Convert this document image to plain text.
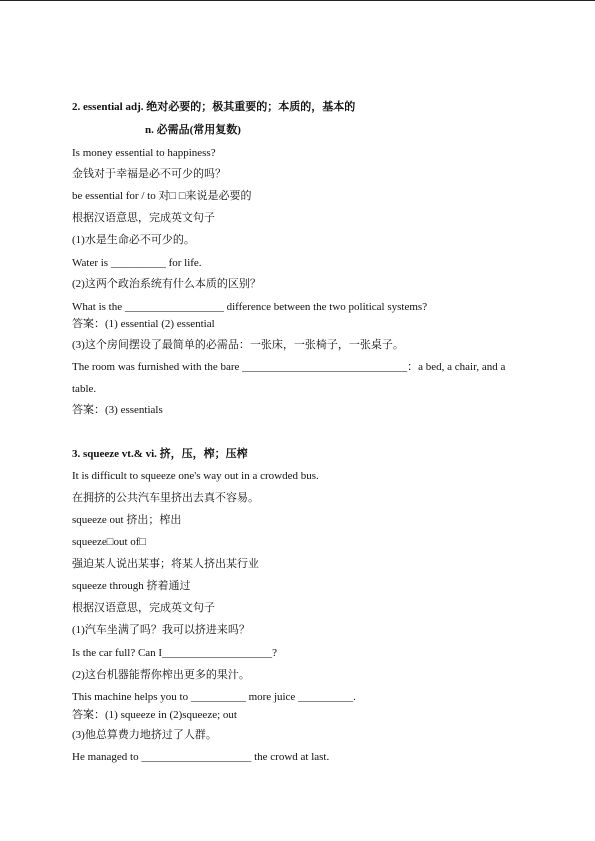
2. essential adj. 绝对必要的；极其重要的；本质的，基本的
n. 必需品(常用复数)
Is money essential to happiness?
金钱对于幸福是必不可少的吗？
be essential for / to 对□ □来说是必要的
根据汉语意思，完成英文句子
(1)水是生命必不可少的。
Water is __________ for life.
(2)这两个政治系统有什么本质的区别？
What is the __________________ difference between the two political systems?
答案：(1) essential (2) essential
(3)这个房间摆设了最简单的必需品：一张床，一张椅子，一张桌子。
The room was furnished with the bare ______________________________：a bed, a chair, and a
table.
答案：(3) essentials
3. squeeze vt.& vi. 挤，压，榨；压榨
It is difficult to squeeze one's way out in a crowded bus.
在拥挤的公共汽车里挤出去真不容易。
squeeze out 挤出；榨出
squeeze□out of□
强迫某人说出某事；将某人挤出某行业
squeeze through 挤着通过
根据汉语意思，完成英文句子
(1)汽车坐满了吗？我可以挤进来吗？
Is the car full? Can I____________________?
(2)这台机器能帮你榨出更多的果汁。
This machine helps you to __________ more juice __________.
答案：(1) squeeze in (2)squeeze; out
(3)他总算费力地挤过了人群。
He managed to ____________________ the crowd at last.
